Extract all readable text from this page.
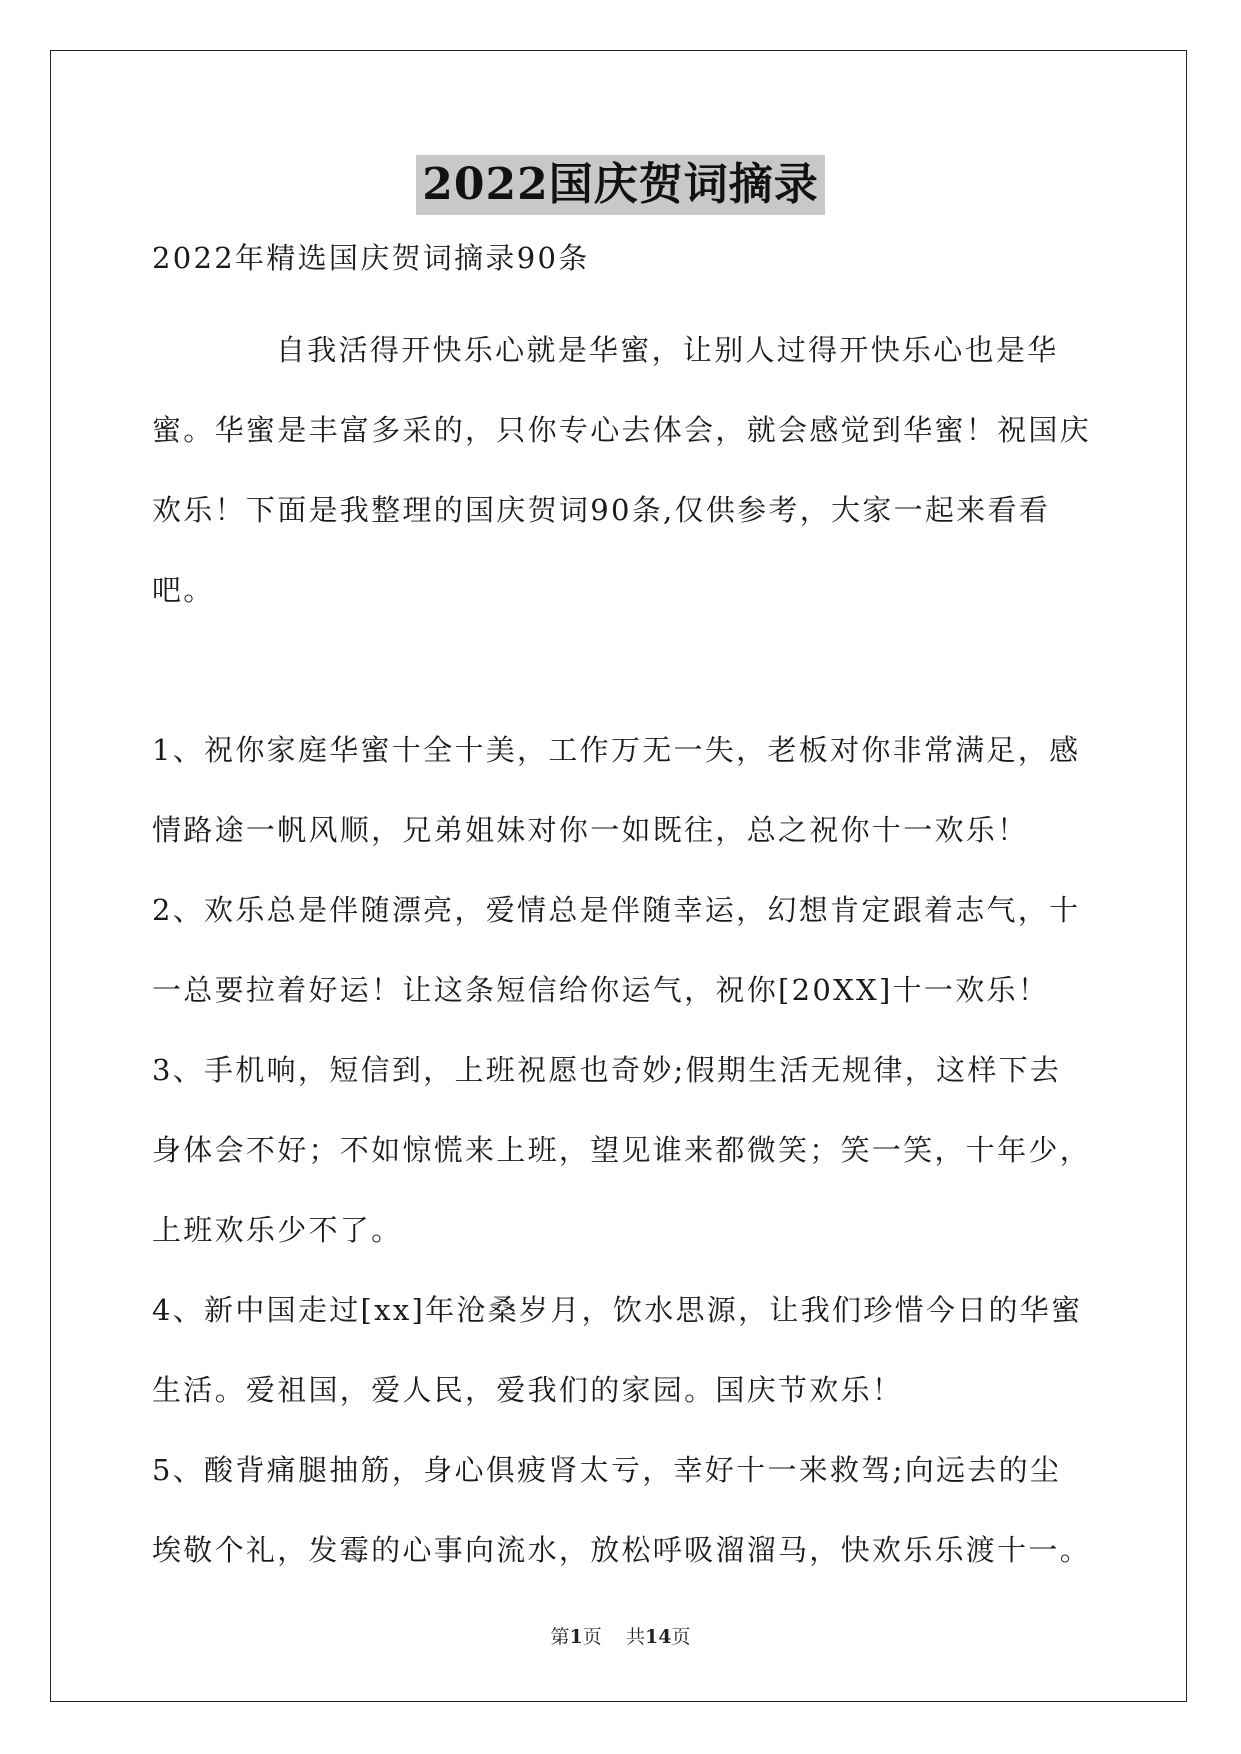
2022国庆贺词摘录

2022年精选国庆贺词摘录90条

自我活得开快乐心就是华蜜，让别人过得开快乐心也是华蜜。华蜜是丰富多采的，只你专心去体会，就会感觉到华蜜！祝国庆欢乐！下面是我整理的国庆贺词90条,仅供参考，大家一起来看看吧。

1、祝你家庭华蜜十全十美，工作万无一失，老板对你非常满足，感情路途一帆风顺，兄弟姐妹对你一如既往，总之祝你十一欢乐！
2、欢乐总是伴随漂亮，爱情总是伴随幸运，幻想肯定跟着志气，十一总要拉着好运！让这条短信给你运气，祝你[20XX]十一欢乐！
3、手机响，短信到，上班祝愿也奇妙;假期生活无规律，这样下去身体会不好；不如惊慌来上班，望见谁来都微笑；笑一笑，十年少，上班欢乐少不了。
4、新中国走过[xx]年沧桑岁月，饮水思源，让我们珍惜今日的华蜜生活。爱祖国，爱人民，爱我们的家园。国庆节欢乐！
5、酸背痛腿抽筋，身心俱疲肾太亏，幸好十一来救驾;向远去的尘埃敬个礼，发霉的心事向流水，放松呼吸溜溜马，快欢乐乐渡十一。
第1页 共14页
